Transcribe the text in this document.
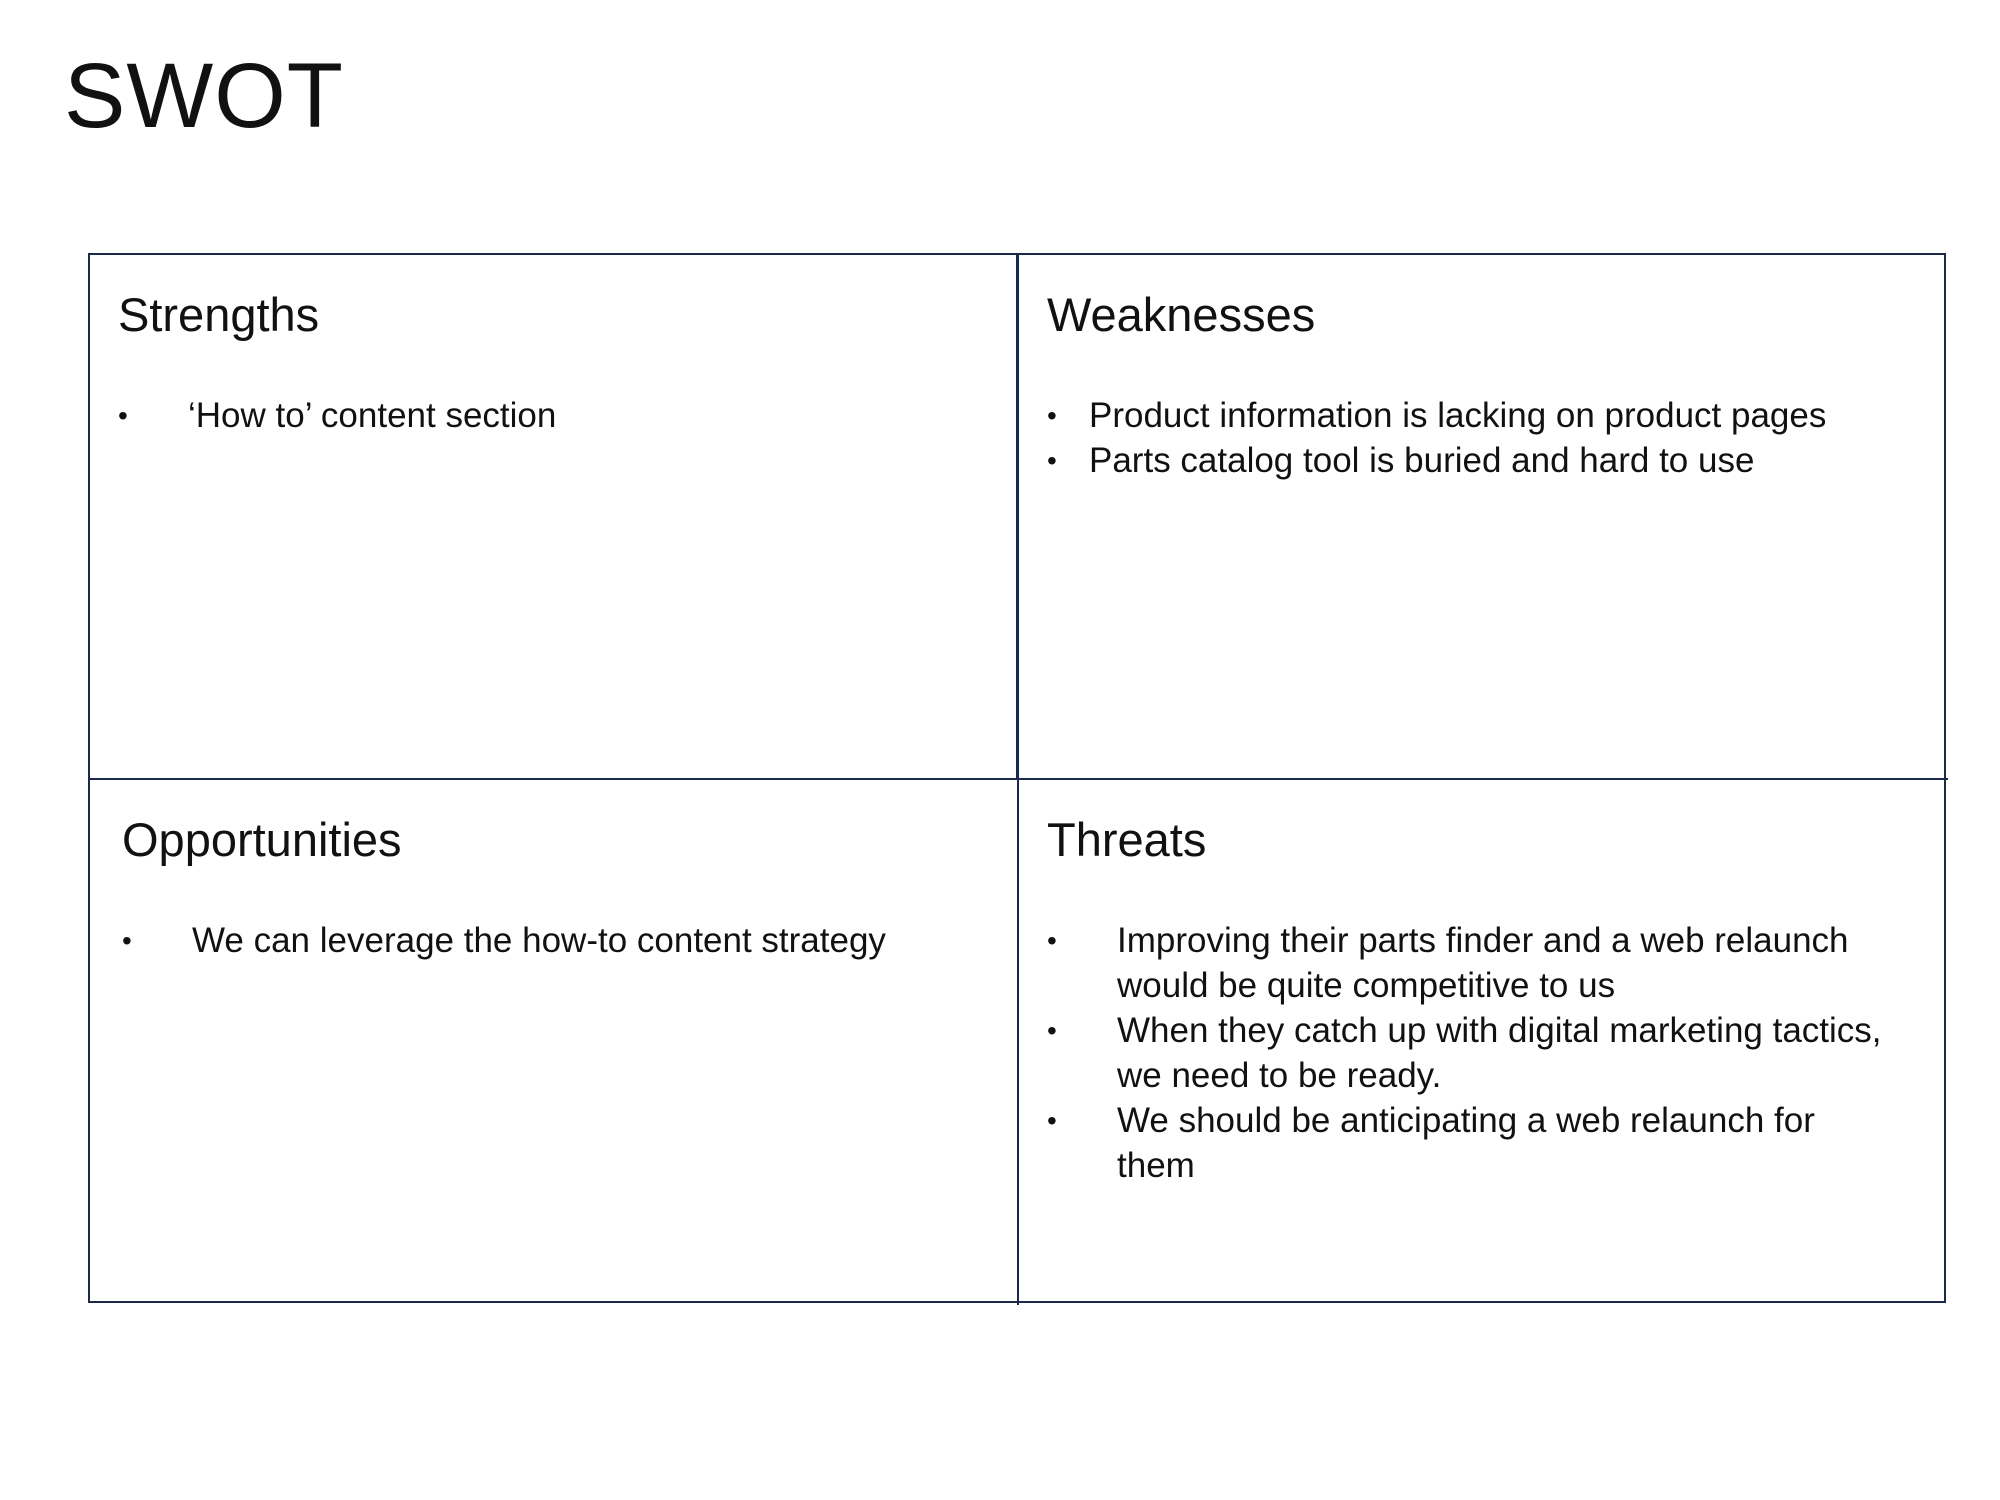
SWOT
Strengths
• ‘How to’ content section
Weaknesses
• Product information is lacking on product pages
• Parts catalog tool is buried and hard to use
Opportunities
• We can leverage the how-to content strategy
Threats
• Improving their parts finder and a web relaunch would be quite competitive to us
• When they catch up with digital marketing tactics, we need to be ready.
• We should be anticipating a web relaunch for them
